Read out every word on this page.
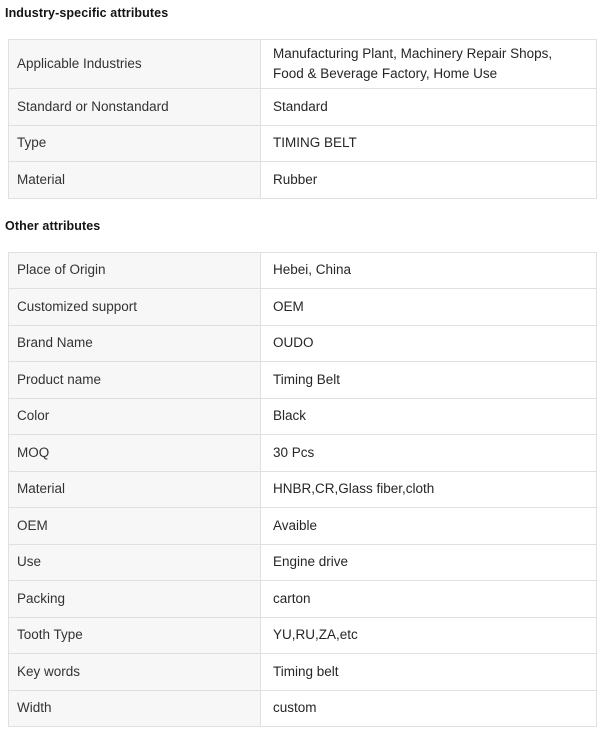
Industry-specific attributes
Applicable Industries	Manufacturing Plant, Machinery Repair Shops, Food & Beverage Factory, Home Use
Standard or Nonstandard	Standard
Type	TIMING BELT
Material	Rubber
Other attributes
Place of Origin	Hebei, China
Customized support	OEM
Brand Name	OUDO
Product name	Timing Belt
Color	Black
MOQ	30 Pcs
Material	HNBR,CR,Glass fiber,cloth
OEM	Avaible
Use	Engine drive
Packing	carton
Tooth Type	YU,RU,ZA,etc
Key words	Timing belt
Width	custom
